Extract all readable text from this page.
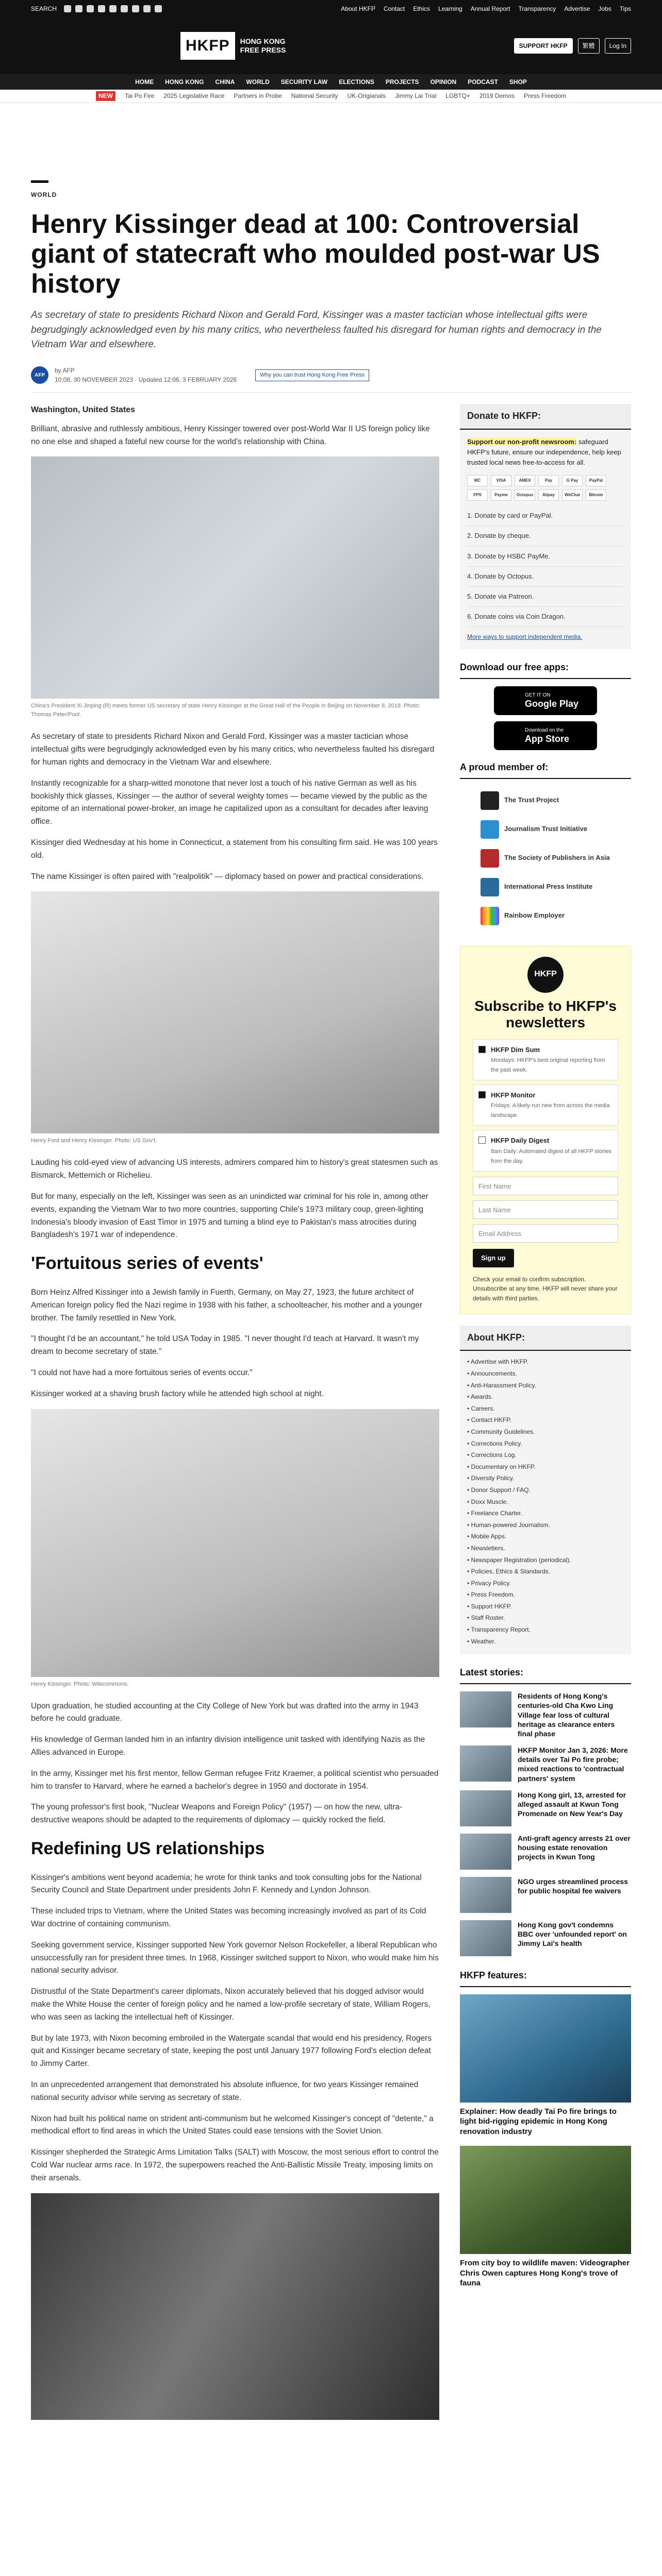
SEARCH	About HKFP Contact Ethics Learning Annual Report Transparency Advertise Jobs Tips
HKFP	HONG KONG
FREE PRESS
SUPPORT HKFP	繁體	Log In
HOME HONG KONG CHINA WORLD SECURITY LAW ELECTIONS PROJECTS OPINION PODCAST SHOP
NEW	Tai Po Fire 2025 Legislative Race Partners in Probe National Security UK-Origianals Jimmy Lai Trial LGBTQ+ 2019 Demos Press Freedom
WORLD
Henry Kissinger dead at 100: Controversial giant of statecraft who moulded post-war US history
As secretary of state to presidents Richard Nixon and Gerald Ford, Kissinger was a master tactician whose intellectual gifts were begrudgingly acknowledged even by his many critics, who nevertheless faulted his disregard for human rights and democracy in the Vietnam War and elsewhere.
AFP
by AFP
10:08, 30 NOVEMBER 2023 · Updated 12:06, 3 FEBRUARY 2026
Why you can trust Hong Kong Free Press
Washington, United States

Brilliant, abrasive and ruthlessly ambitious, Henry Kissinger towered over post-World War II US foreign policy like no one else and shaped a fateful new course for the world's relationship with China.

China's President Xi Jinping (R) meets former US secretary of state Henry Kissinger at the Great Hall of the People in Beijing on November 8, 2019. Photo: Thomas Peter/Pool.

As secretary of state to presidents Richard Nixon and Gerald Ford, Kissinger was a master tactician whose intellectual gifts were begrudgingly acknowledged even by his many critics, who nevertheless faulted his disregard for human rights and democracy in the Vietnam War and elsewhere.

Instantly recognizable for a sharp-witted monotone that never lost a touch of his native German as well as his bookishly thick glasses, Kissinger — the author of several weighty tomes — became viewed by the public as the epitome of an international power-broker, an image he capitalized upon as a consultant for decades after leaving office.

Kissinger died Wednesday at his home in Connecticut, a statement from his consulting firm said. He was 100 years old.

The name Kissinger is often paired with "realpolitik" — diplomacy based on power and practical considerations.

Henry Ford and Henry Kissinger. Photo: US Gov't.

Lauding his cold-eyed view of advancing US interests, admirers compared him to history's great statesmen such as Bismarck, Metternich or Richelieu.

But for many, especially on the left, Kissinger was seen as an unindicted war criminal for his role in, among other events, expanding the Vietnam War to two more countries, supporting Chile's 1973 military coup, green-lighting Indonesia's bloody invasion of East Timor in 1975 and turning a blind eye to Pakistan's mass atrocities during Bangladesh's 1971 war of independence.

'Fortuitous series of events'

Born Heinz Alfred Kissinger into a Jewish family in Fuerth, Germany, on May 27, 1923, the future architect of American foreign policy fled the Nazi regime in 1938 with his father, a schoolteacher, his mother and a younger brother. The family resettled in New York.

"I thought I'd be an accountant," he told USA Today in 1985. "I never thought I'd teach at Harvard. It wasn't my dream to become secretary of state."

"I could not have had a more fortuitous series of events occur."

Kissinger worked at a shaving brush factory while he attended high school at night.

Henry Kissinger. Photo: Wikicommons.

Upon graduation, he studied accounting at the City College of New York but was drafted into the army in 1943 before he could graduate.

His knowledge of German landed him in an infantry division intelligence unit tasked with identifying Nazis as the Allies advanced in Europe.

In the army, Kissinger met his first mentor, fellow German refugee Fritz Kraemer, a political scientist who persuaded him to transfer to Harvard, where he earned a bachelor's degree in 1950 and doctorate in 1954.

The young professor's first book, "Nuclear Weapons and Foreign Policy" (1957) — on how the new, ultra-destructive weapons should be adapted to the requirements of diplomacy — quickly rocked the field.

Redefining US relationships

Kissinger's ambitions went beyond academia; he wrote for think tanks and took consulting jobs for the National Security Council and State Department under presidents John F. Kennedy and Lyndon Johnson.

These included trips to Vietnam, where the United States was becoming increasingly involved as part of its Cold War doctrine of containing communism.

Seeking government service, Kissinger supported New York governor Nelson Rockefeller, a liberal Republican who unsuccessfully ran for president three times. In 1968, Kissinger switched support to Nixon, who would make him his national security advisor.

Distrustful of the State Department's career diplomats, Nixon accurately believed that his dogged advisor would make the White House the center of foreign policy and he named a low-profile secretary of state, William Rogers, who was seen as lacking the intellectual heft of Kissinger.

But by late 1973, with Nixon becoming embroiled in the Watergate scandal that would end his presidency, Rogers quit and Kissinger became secretary of state, keeping the post until January 1977 following Ford's election defeat to Jimmy Carter.

In an unprecedented arrangement that demonstrated his absolute influence, for two years Kissinger remained national security advisor while serving as secretary of state.

Nixon had built his political name on strident anti-communism but he welcomed Kissinger's concept of "detente," a methodical effort to find areas in which the United States could ease tensions with the Soviet Union.

Kissinger shepherded the Strategic Arms Limitation Talks (SALT) with Moscow, the most serious effort to control the Cold War nuclear arms race. In 1972, the superpowers reached the Anti-Ballistic Missile Treaty, imposing limits on their arsenals.

Donate to HKFP:
Support our non-profit newsroom: safeguard HKFP's future, ensure our independence, help keep trusted local news free-to-access for all.
MC	VISA	AMEX	Pay	G Pay	PayPal
FPS	Payme	Octopus	Alipay	WeChat	Bitcoin
1. Donate by card or PayPal.
2. Donate by cheque.
3. Donate by HSBC PayMe.
4. Donate by Octopus.
5. Donate via Patreon.
6. Donate coins via Coin Dragon.
More ways to support independent media.
Download our free apps:
GET IT ON
Google Play
Download on the
App Store
A proud member of:
The Trust Project
Journalism Trust Initiative
The Society of Publishers in Asia
International Press Institute
Rainbow Employer
HKFP
Subscribe to HKFP's newsletters
HKFP Dim Sum
Mondays: HKFP's best original reporting from the past week.
HKFP Monitor
Fridays: A likely-run new from across the media landscape.
HKFP Daily Digest
8am Daily: Automated digest of all HKFP stories from the day.
First Name
Last Name
Email Address
Sign up
Check your email to confirm subscription. Unsubscribe at any time. HKFP will never share your details with third parties.
About HKFP:
• Advertise with HKFP.
• Announcements.
• Anti-Harassment Policy.
• Awards.
• Careers.
• Contact HKFP.
• Community Guidelines.
• Corrections Policy.
• Corrections Log.
• Documentary on HKFP.
• Diversity Policy.
• Donor Support / FAQ.
• Doxx Muscle.
• Freelance Charter.
• Human-powered Journalism.
• Mobile Apps.
• Newsletters.
• Newspaper Registration (periodical).
• Policies, Ethics & Standards.
• Privacy Policy.
• Press Freedom.
• Support HKFP.
• Staff Roster.
• Transparency Report.
• Weather.
Latest stories:
Residents of Hong Kong's centuries-old Cha Kwo Ling Village fear loss of cultural heritage as clearance enters final phase
HKFP Monitor Jan 3, 2026: More details over Tai Po fire probe; mixed reactions to 'contractual partners' system
Hong Kong girl, 13, arrested for alleged assault at Kwun Tong Promenade on New Year's Day
Anti-graft agency arrests 21 over housing estate renovation projects in Kwun Tong
NGO urges streamlined process for public hospital fee waivers
Hong Kong gov't condemns BBC over 'unfounded report' on Jimmy Lai's health
HKFP features:
Explainer: How deadly Tai Po fire brings to light bid-rigging epidemic in Hong Kong renovation industry
From city boy to wildlife maven: Videographer Chris Owen captures Hong Kong's trove of fauna
